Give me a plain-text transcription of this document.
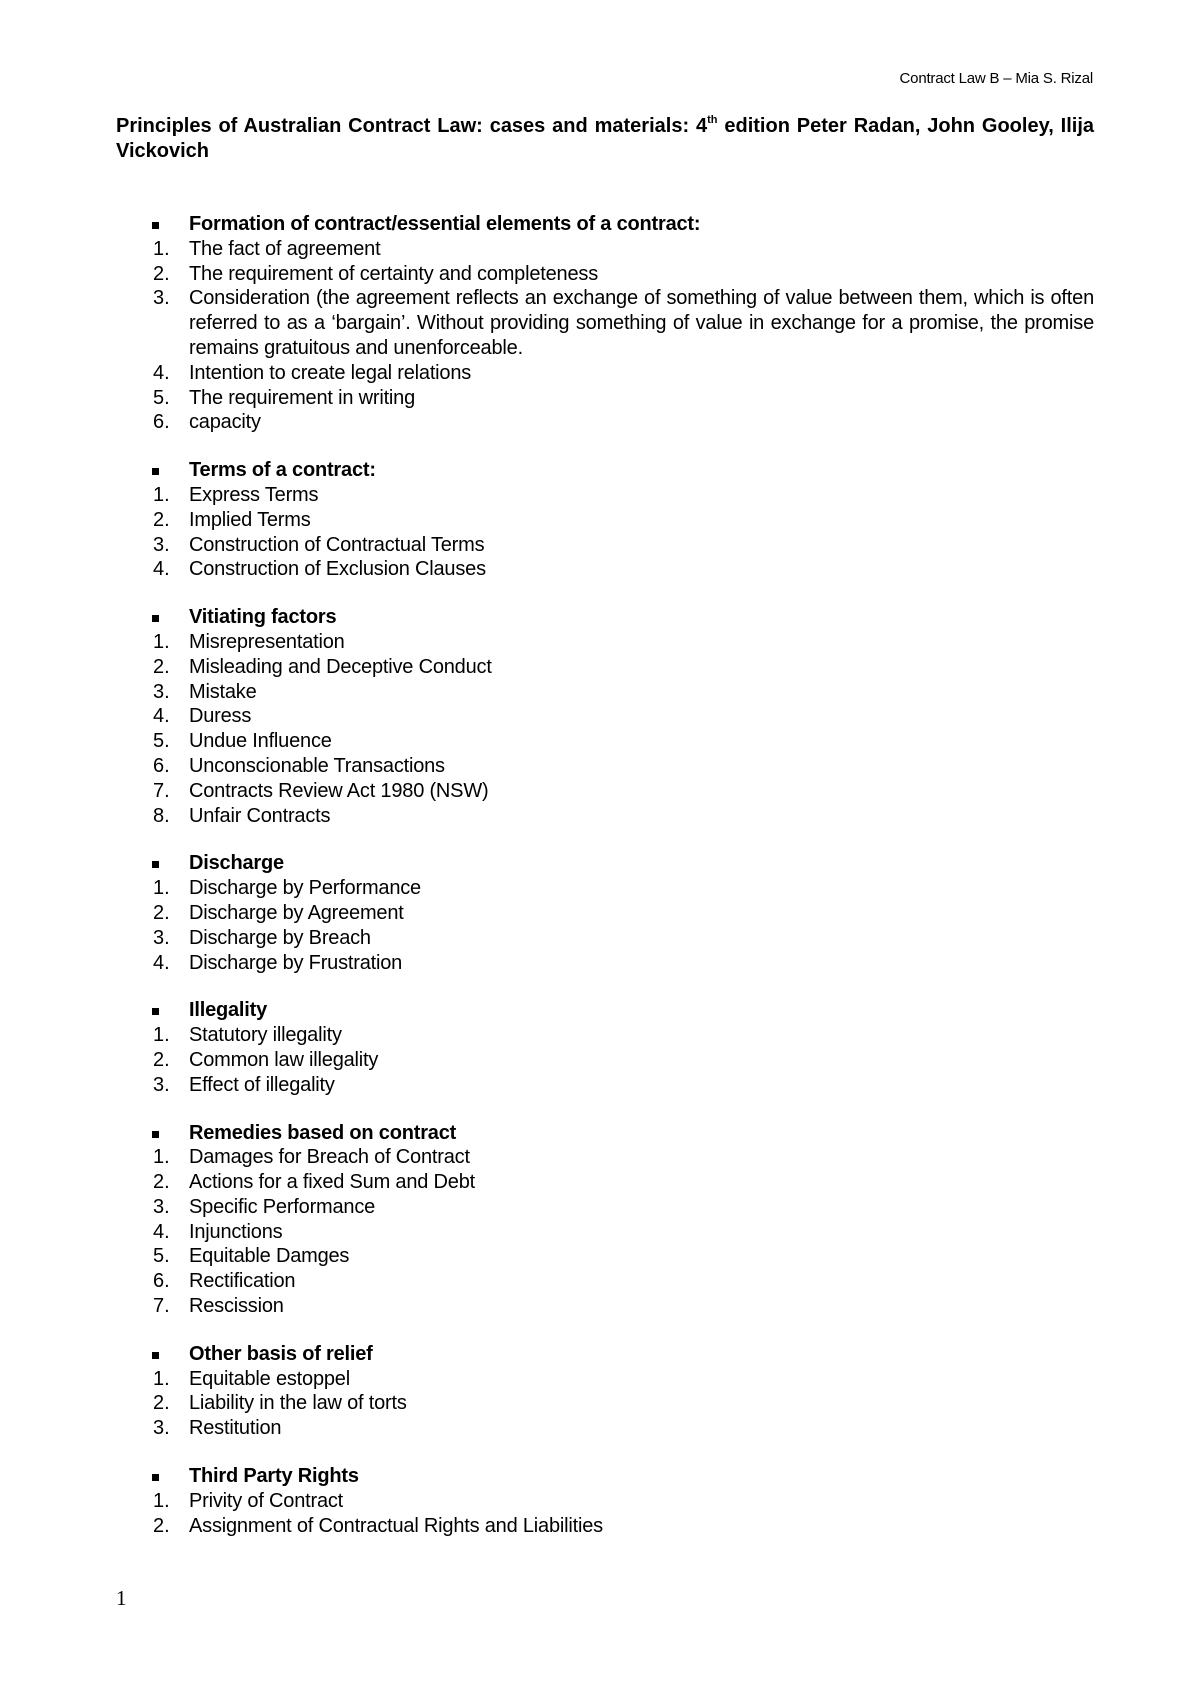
Contract Law B – Mia S. Rizal

Principles of Australian Contract Law: cases and materials: 4th edition Peter Radan, John Gooley, Ilija Vickovich

Formation of contract/essential elements of a contract:
1. The fact of agreement
2. The requirement of certainty and completeness
3. Consideration (the agreement reflects an exchange of something of value between them, which is often referred to as a ‘bargain’. Without providing something of value in exchange for a promise, the promise remains gratuitous and unenforceable.
4. Intention to create legal relations
5. The requirement in writing
6. capacity
Terms of a contract:
1. Express Terms
2. Implied Terms
3. Construction of Contractual Terms
4. Construction of Exclusion Clauses
Vitiating factors
1. Misrepresentation
2. Misleading and Deceptive Conduct
3. Mistake
4. Duress
5. Undue Influence
6. Unconscionable Transactions
7. Contracts Review Act 1980 (NSW)
8. Unfair Contracts
Discharge
1. Discharge by Performance
2. Discharge by Agreement
3. Discharge by Breach
4. Discharge by Frustration
Illegality
1. Statutory illegality
2. Common law illegality
3. Effect of illegality
Remedies based on contract
1. Damages for Breach of Contract
2. Actions for a fixed Sum and Debt
3. Specific Performance
4. Injunctions
5. Equitable Damges
6. Rectification
7. Rescission
Other basis of relief
1. Equitable estoppel
2. Liability in the law of torts
3. Restitution
Third Party Rights
1. Privity of Contract
2. Assignment of Contractual Rights and Liabilities
1
